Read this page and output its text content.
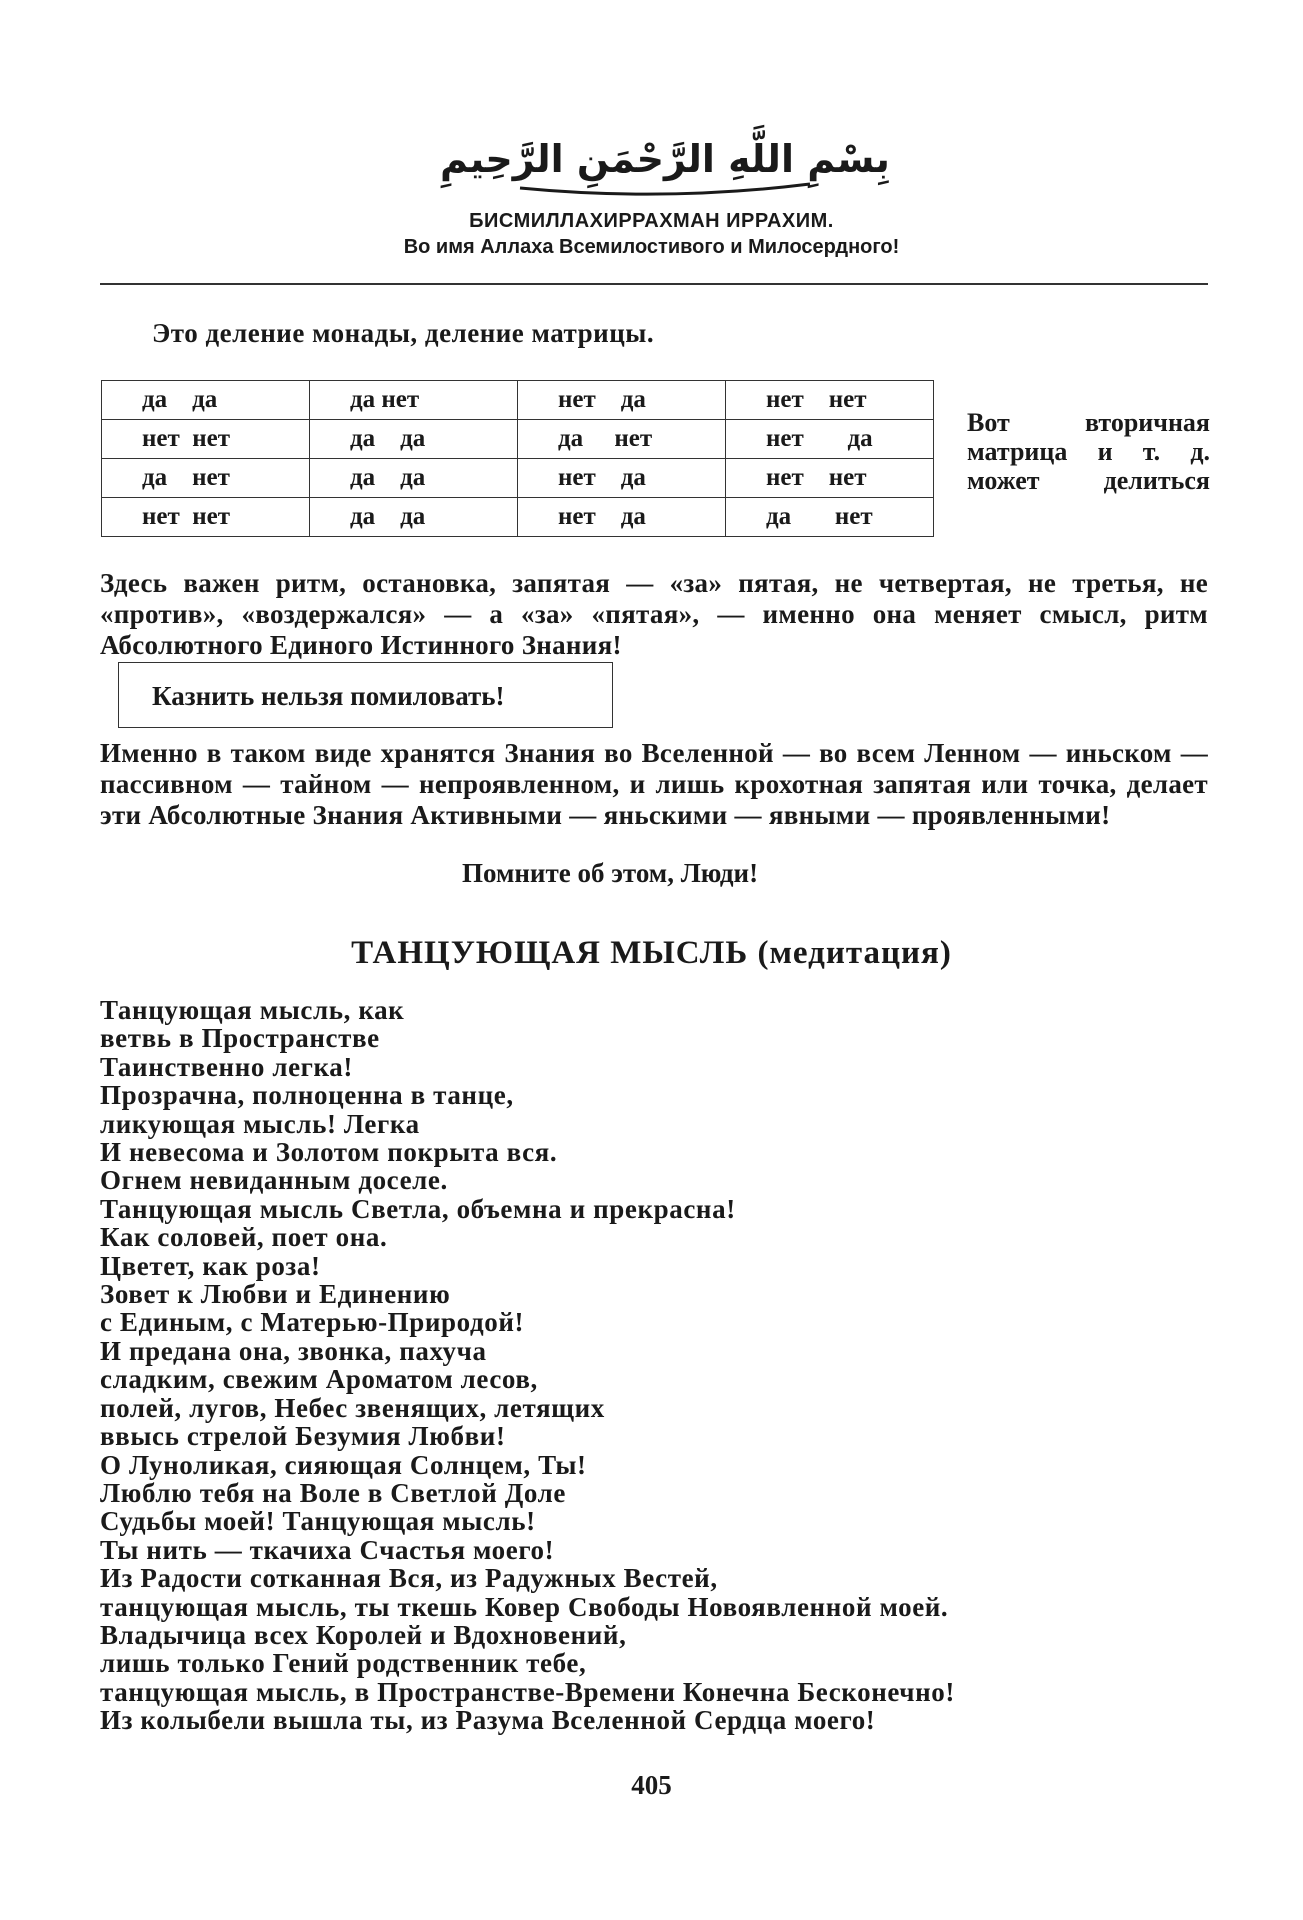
بِسْمِ اللَّهِ الرَّحْمَنِ الرَّحِيمِ
БИСМИЛЛАХИРРАХМАН ИРРАХИМ.
Во имя Аллаха Всемилостивого и Милосердного!
Это деление монады, деление матрицы.
да    да	да нет	нет    да	нет    нет
нет  нет	да    да	да     нет	нет       да
да    нет	да    да	нет    да	нет    нет
нет  нет	да    да	нет    да	да       нет
Вот вторичная матрица и т. д. может делиться
Здесь важен ритм, остановка, запятая — «за» пятая, не четвертая, не третья, не «против», «воздержался» — а «за» «пятая», — именно она меняет смысл, ритм Абсолютного Единого Истинного Знания!
Казнить нельзя помиловать!
Именно в таком виде хранятся Знания во Вселенной — во всем Ленном — иньском — пассивном — тайном — непроявленном, и лишь крохотная запятая или точка, делает эти Абсолютные Знания Активными — яньскими — явными — проявленными!
Помните об этом, Люди!
ТАНЦУЮЩАЯ МЫСЛЬ (медитация)
Танцующая мысль, как
ветвь в Пространстве
Таинственно легка!
Прозрачна, полноценна в танце,
ликующая мысль! Легка
И невесома и Золотом покрыта вся.
Огнем невиданным доселе.
Танцующая мысль Светла, объемна и прекрасна!
Как соловей, поет она.
Цветет, как роза!
Зовет к Любви и Единению
с Единым, с Матерью-Природой!
И предана она, звонка, пахуча
сладким, свежим Ароматом лесов,
полей, лугов, Небес звенящих, летящих
ввысь стрелой Безумия Любви!
О Луноликая, сияющая Солнцем, Ты!
Люблю тебя на Воле в Светлой Доле
Судьбы моей! Танцующая мысль!
Ты нить — ткачиха Счастья моего!
Из Радости сотканная Вся, из Радужных Вестей,
танцующая мысль, ты ткешь Ковер Свободы Новоявленной моей.
Владычица всех Королей и Вдохновений,
лишь только Гений родственник тебе,
танцующая мысль, в Пространстве-Времени Конечна Бесконечно!
Из колыбели вышла ты, из Разума Вселенной Сердца моего!
405
